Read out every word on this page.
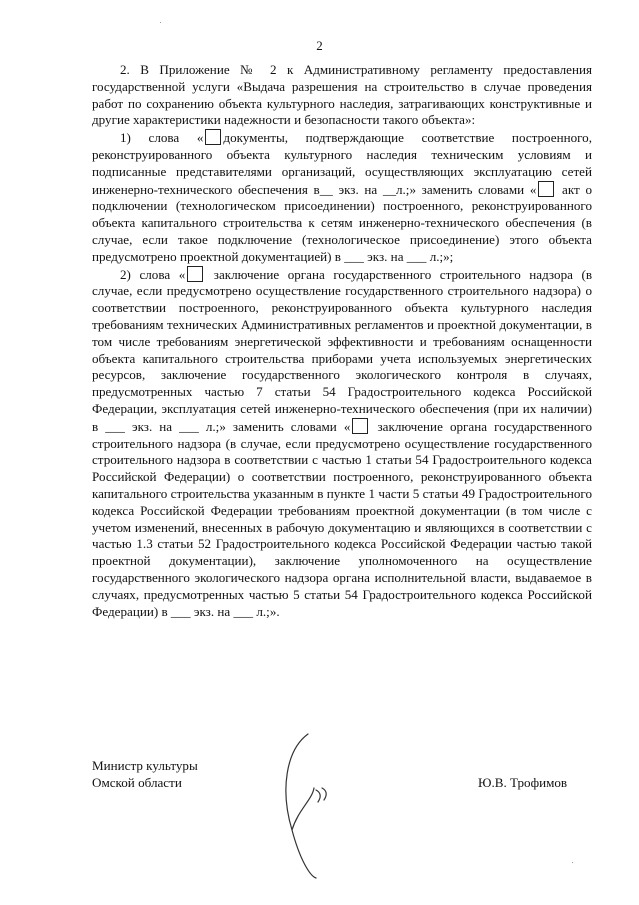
2

2. В Приложение № 2 к Административному регламенту предоставления государственной услуги «Выдача разрешения на строительство в случае проведения работ по сохранению объекта культурного наследия, затрагивающих конструктивные и другие характеристики надежности и безопасности такого объекта»:

1) слова « документы, подтверждающие соответствие построенного, реконструированного объекта культурного наследия техническим условиям и подписанные представителями организаций, осуществляющих эксплуатацию сетей инженерно-технического обеспечения в__ экз. на __л.;» заменить словами « акт о подключении (технологическом присоединении) построенного, реконструированного объекта капитального строительства к сетям инженерно-технического обеспечения (в случае, если такое подключение (технологическое присоединение) этого объекта предусмотрено проектной документацией) в ___ экз. на ___ л.;»;

2) слова « заключение органа государственного строительного надзора (в случае, если предусмотрено осуществление государственного строительного надзора) о соответствии построенного, реконструированного объекта культурного наследия требованиям технических Административных регламентов и проектной документации, в том числе требованиям энергетической эффективности и требованиям оснащенности объекта капитального строительства приборами учета используемых энергетических ресурсов, заключение государственного экологического контроля в случаях, предусмотренных частью 7 статьи 54 Градостроительного кодекса Российской Федерации, эксплуатация сетей инженерно-технического обеспечения (при их наличии) в ___ экз. на ___ л.;» заменить словами « заключение органа государственного строительного надзора (в случае, если предусмотрено осуществление государственного строительного надзора в соответствии с частью 1 статьи 54 Градостроительного кодекса Российской Федерации) о соответствии построенного, реконструированного объекта капитального строительства указанным в пункте 1 части 5 статьи 49 Градостроительного кодекса Российской Федерации требованиям проектной документации (в том числе с учетом изменений, внесенных в рабочую документацию и являющихся в соответствии с частью 1.3 статьи 52 Градостроительного кодекса Российской Федерации частью такой проектной документации), заключение уполномоченного на осуществление государственного экологического надзора органа исполнительной власти, выдаваемое в случаях, предусмотренных частью 5 статьи 54 Градостроительного кодекса Российской Федерации) в ___ экз. на ___ л.;».

Министр культуры
Омской области	Ю.В. Трофимов
